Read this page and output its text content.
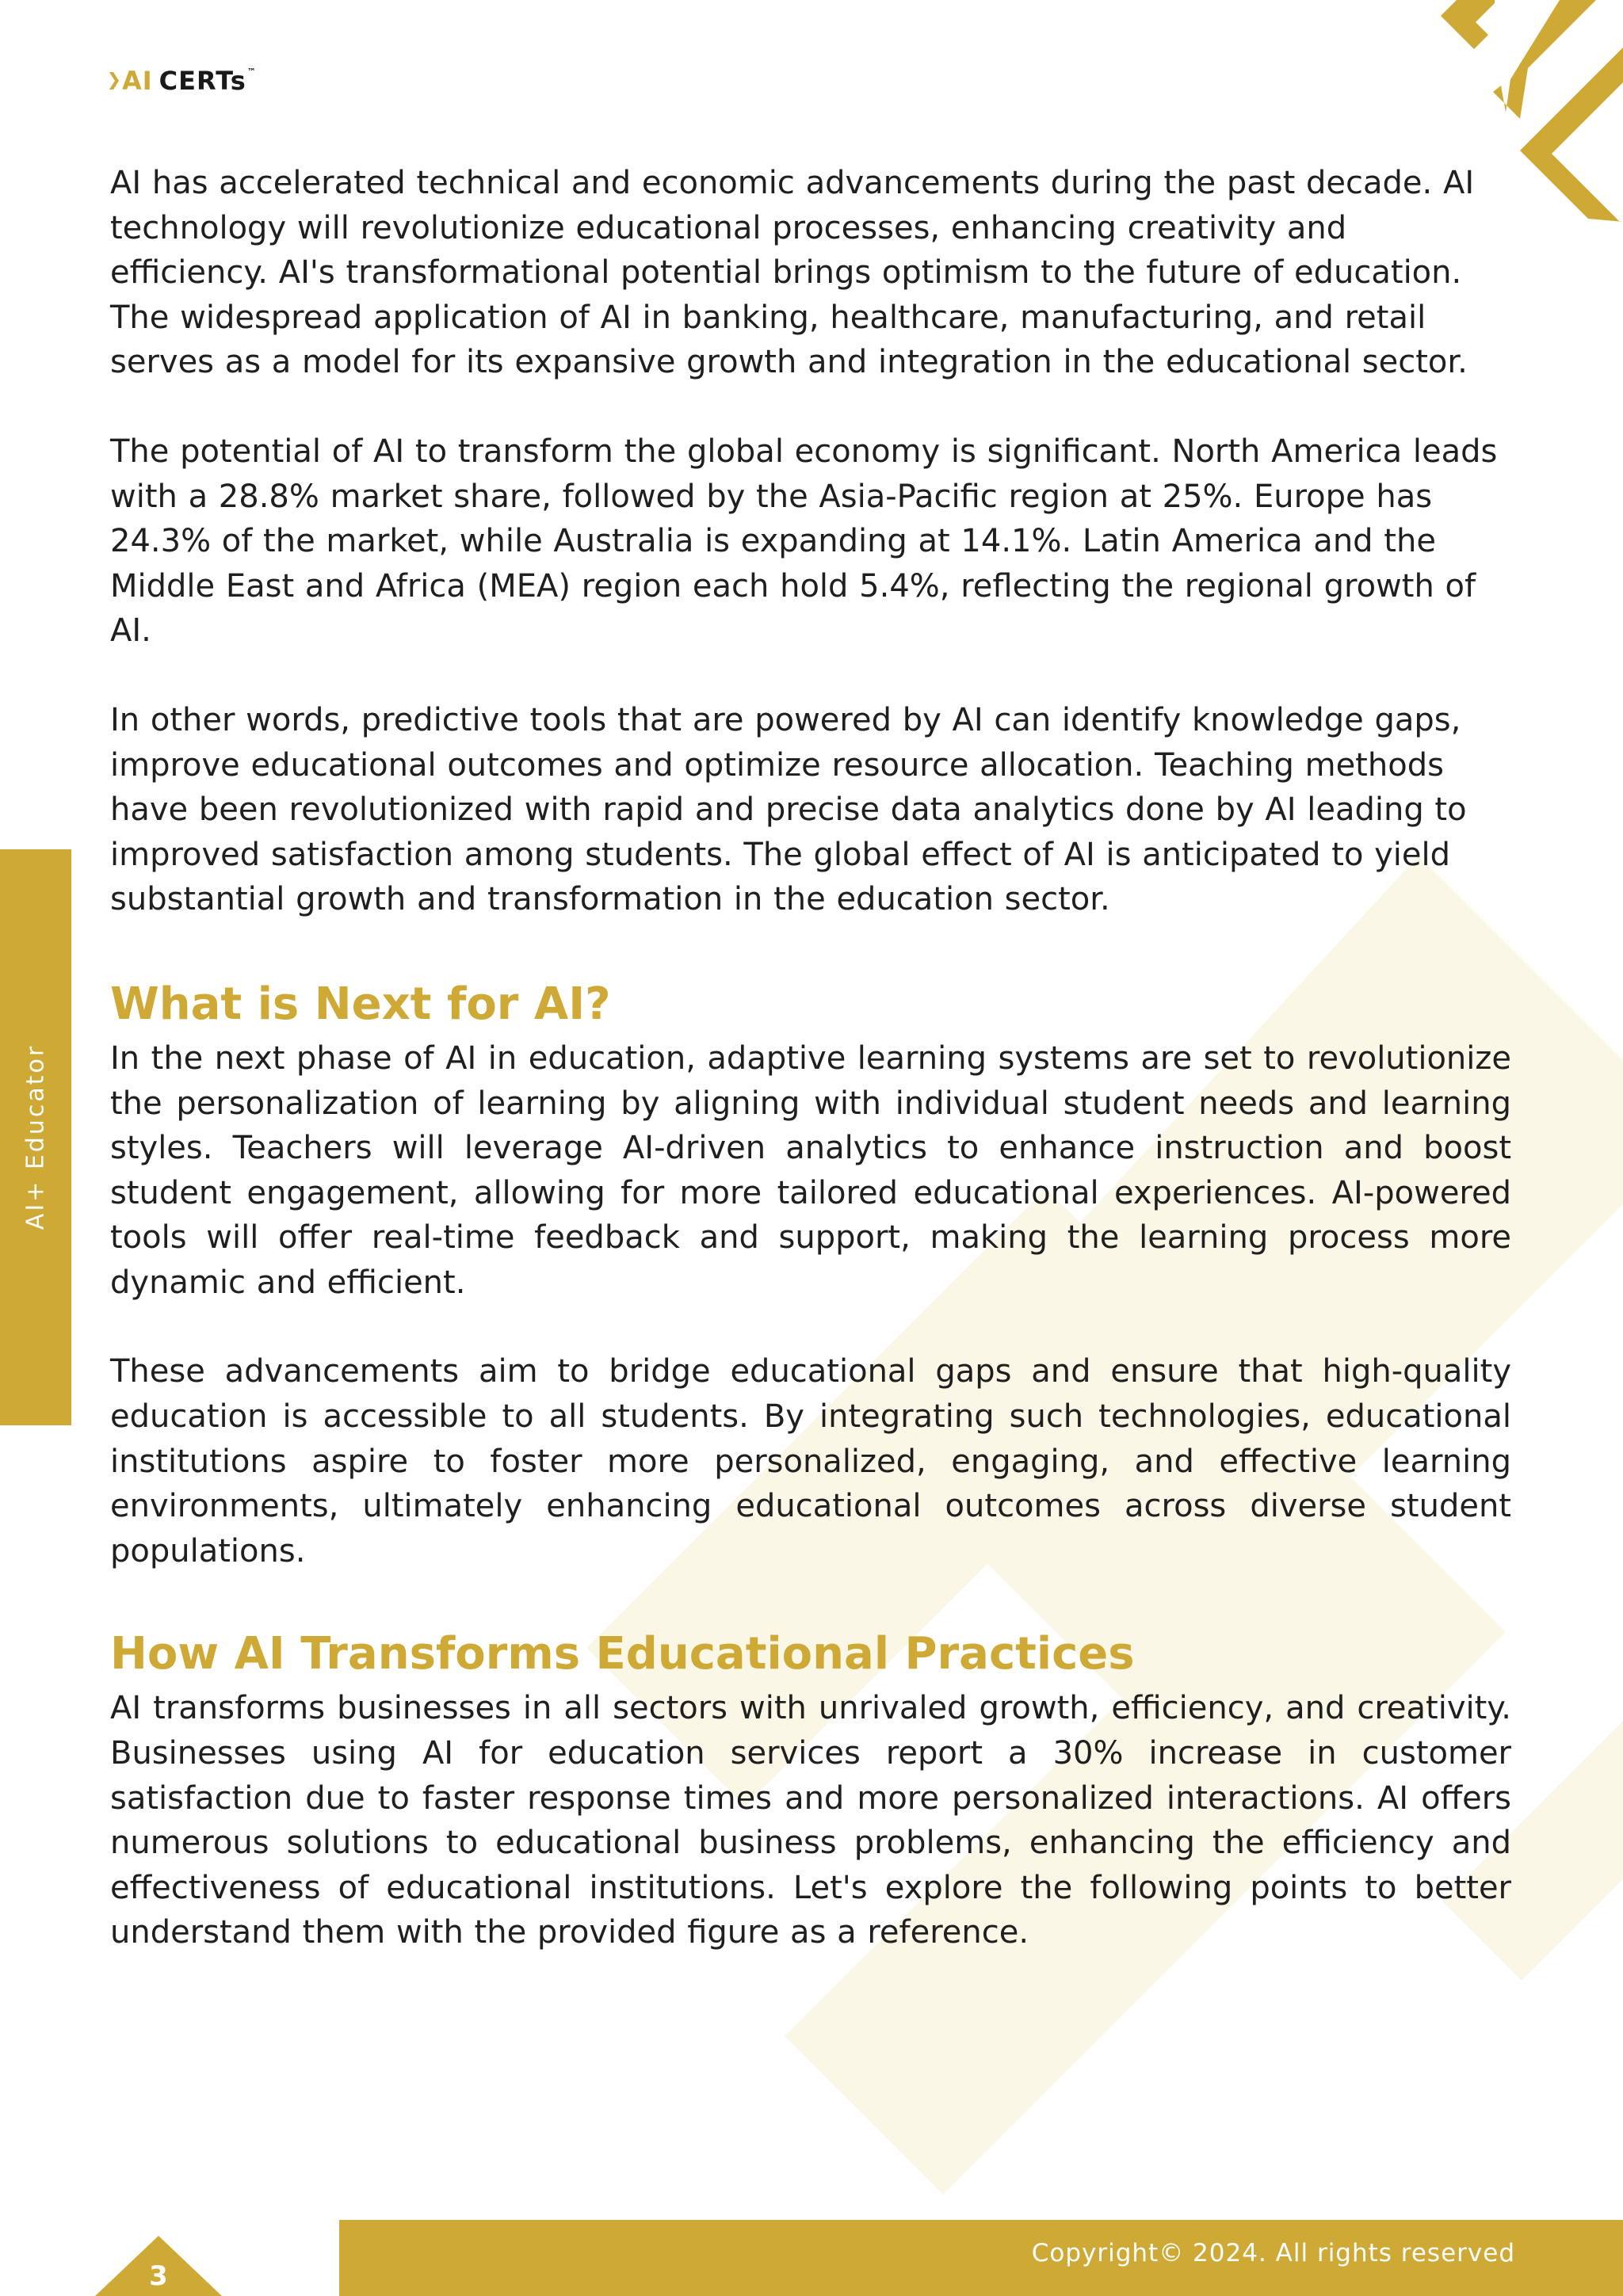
AI CERTs ™
AI+ Educator

AI has accelerated technical and economic advancements during the past decade. AI technology will revolutionize educational processes, enhancing creativity and efficiency. AI's transformational potential brings optimism to the future of education. The widespread application of AI in banking, healthcare, manufacturing, and retail serves as a model for its expansive growth and integration in the educational sector.

The potential of AI to transform the global economy is significant. North America leads with a 28.8% market share, followed by the Asia-Pacific region at 25%. Europe has 24.3% of the market, while Australia is expanding at 14.1%. Latin America and the Middle East and Africa (MEA) region each hold 5.4%, reflecting the regional growth of AI.

In other words, predictive tools that are powered by AI can identify knowledge gaps, improve educational outcomes and optimize resource allocation. Teaching methods have been revolutionized with rapid and precise data analytics done by AI leading to improved satisfaction among students. The global effect of AI is anticipated to yield substantial growth and transformation in the education sector.

What is Next for AI?

In the next phase of AI in education, adaptive learning systems are set to revolutionize the personalization of learning by aligning with individual student needs and learning styles. Teachers will leverage AI-driven analytics to enhance instruction and boost student engagement, allowing for more tailored educational experiences. AI-powered tools will offer real-time feedback and support, making the learning process more dynamic and efficient.

These advancements aim to bridge educational gaps and ensure that high-quality education is accessible to all students. By integrating such technologies, educational institutions aspire to foster more personalized, engaging, and effective learning environments, ultimately enhancing educational outcomes across diverse student populations.

How AI Transforms Educational Practices

AI transforms businesses in all sectors with unrivaled growth, efficiency, and creativity. Businesses using AI for education services report a 30% increase in customer satisfaction due to faster response times and more personalized interactions. AI offers numerous solutions to educational business problems, enhancing the efficiency and effectiveness of educational institutions. Let's explore the following points to better understand them with the provided figure as a reference.

Copyright© 2024. All rights reserved
3
